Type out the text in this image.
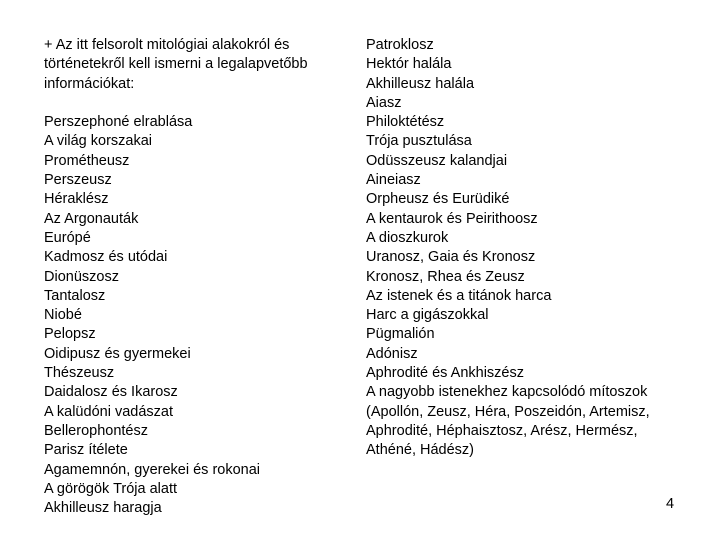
+ Az itt felsorolt mitológiai alakokról és
történetekről kell ismerni a legalapvetőbb
információkat:
Perszephoné elrablása
A világ korszakai
Prométheusz
Perszeusz
Héraklész
Az Argonauták
Európé
Kadmosz és utódai
Dionüszosz
Tantalosz
Niobé
Pelopsz
Oidipusz és gyermekei
Thészeusz
Daidalosz és Ikarosz
A kalüdóni vadászat
Bellerophontész
Parisz ítélete
Agamemnón, gyerekei és rokonai
A görögök Trója alatt
Akhilleusz haragja
Patroklosz
Hektór halála
Akhilleusz halála
Aiasz
Philoktétész
Trója pusztulása
Odüsszeusz kalandjai
Aineiasz
Orpheusz és Eurüdiké
A kentaurok és Peirithoosz
A dioszkurok
Uranosz, Gaia és Kronosz
Kronosz, Rhea és Zeusz
Az istenek és a titánok harca
Harc a gigászokkal
Pügmalión
Adónisz
Aphrodité és Ankhiszész
A nagyobb istenekhez kapcsolódó mítoszok
(Apollón, Zeusz, Héra, Poszeidón, Artemisz,
Aphrodité, Héphaisztosz, Arész, Hermész,
Athéné, Hádész)
4
